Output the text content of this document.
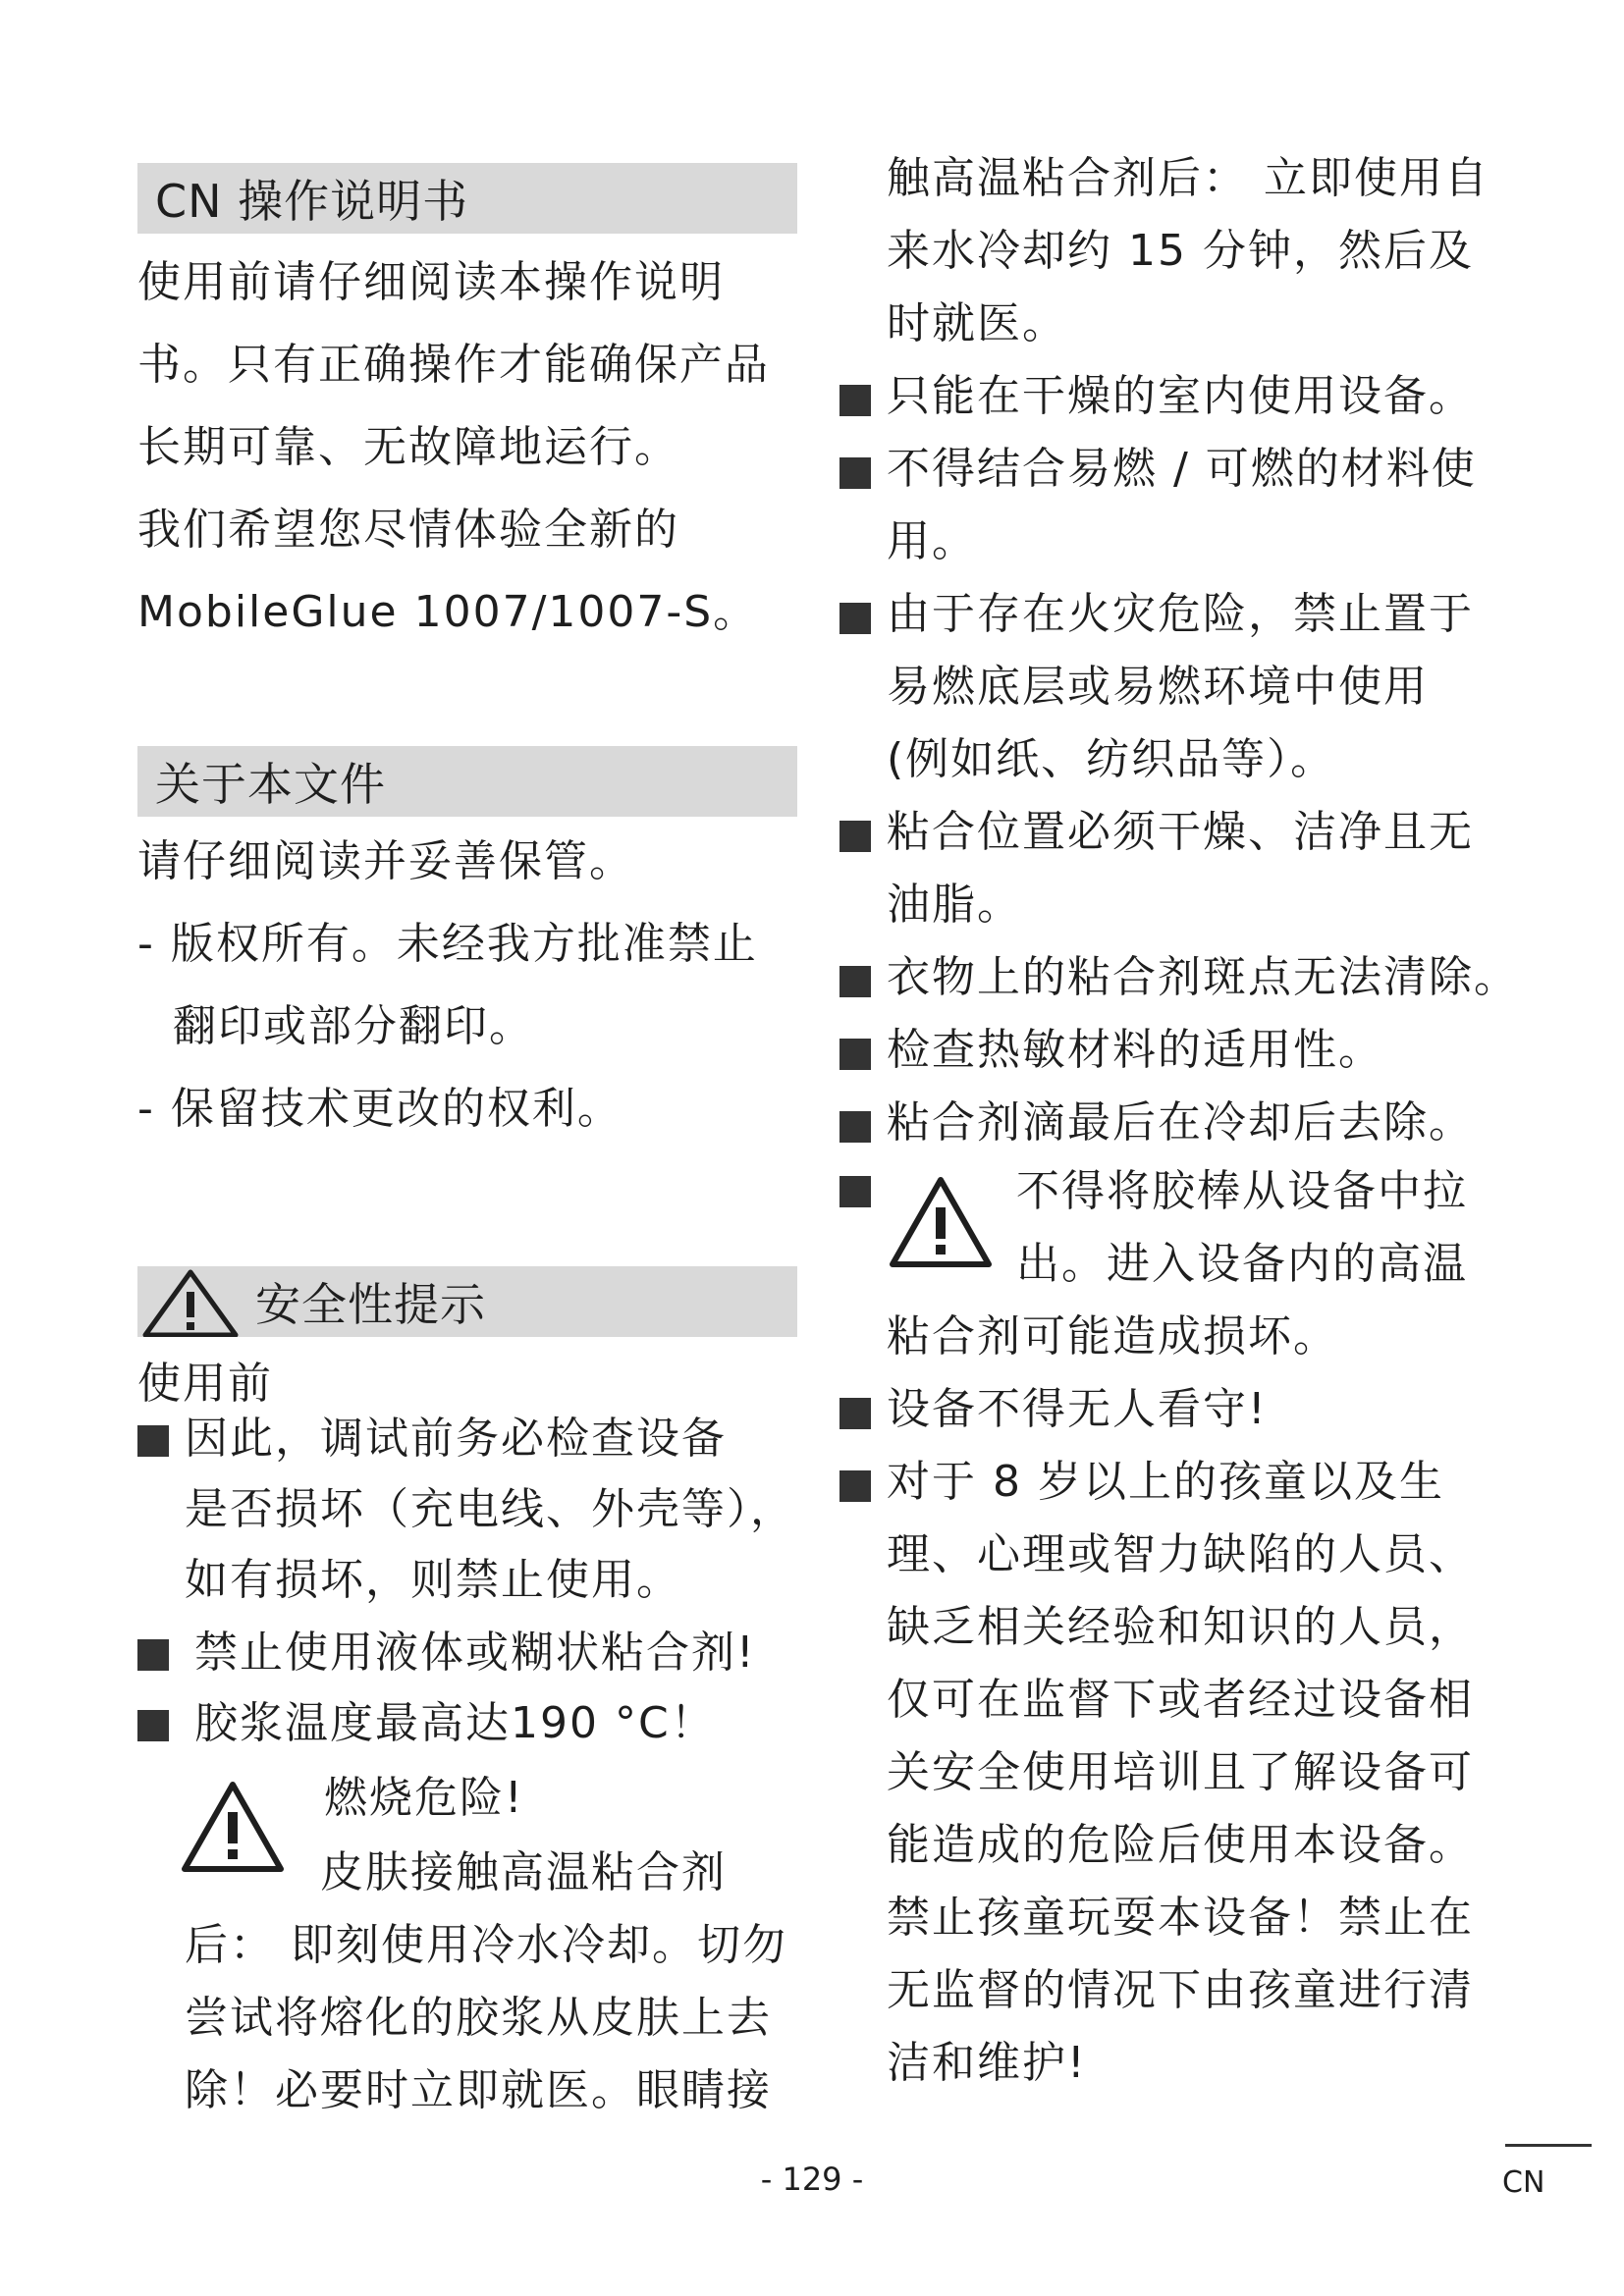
CN 操作说明书
使用前请仔细阅读本操作说明
书。只有正确操作才能确保产品
长期可靠、无故障地运行。
我们希望您尽情体验全新的
MobileGlue 1007/1007-S。
关于本文件
请仔细阅读并妥善保管。
- 版权所有。未经我方批准禁止
翻印或部分翻印。
- 保留技术更改的权利。
安全性提示
使用前
因此，调试前务必检查设备
是否损坏（充电线、外壳等），
如有损坏，则禁止使用。
禁止使用液体或糊状粘合剂!
胶浆温度最高达190 °C！
燃烧危险!
皮肤接触高温粘合剂
后： 即刻使用冷水冷却。切勿
尝试将熔化的胶浆从皮肤上去
除！必要时立即就医。眼睛接
触高温粘合剂后： 立即使用自
来水冷却约 15 分钟，然后及
时就医。
只能在干燥的室内使用设备。
不得结合易燃 / 可燃的材料使
用。
由于存在火灾危险，禁止置于
易燃底层或易燃环境中使用
(例如纸、纺织品等）。
粘合位置必须干燥、洁净且无
油脂。
衣物上的粘合剂斑点无法清除。
检查热敏材料的适用性。
粘合剂滴最后在冷却后去除。
不得将胶棒从设备中拉
出。进入设备内的高温
粘合剂可能造成损坏。
设备不得无人看守!
对于 8 岁以上的孩童以及生
理、心理或智力缺陷的人员、
缺乏相关经验和知识的人员，
仅可在监督下或者经过设备相
关安全使用培训且了解设备可
能造成的危险后使用本设备。
禁止孩童玩耍本设备！禁止在
无监督的情况下由孩童进行清
洁和维护!
- 129 -	CN
